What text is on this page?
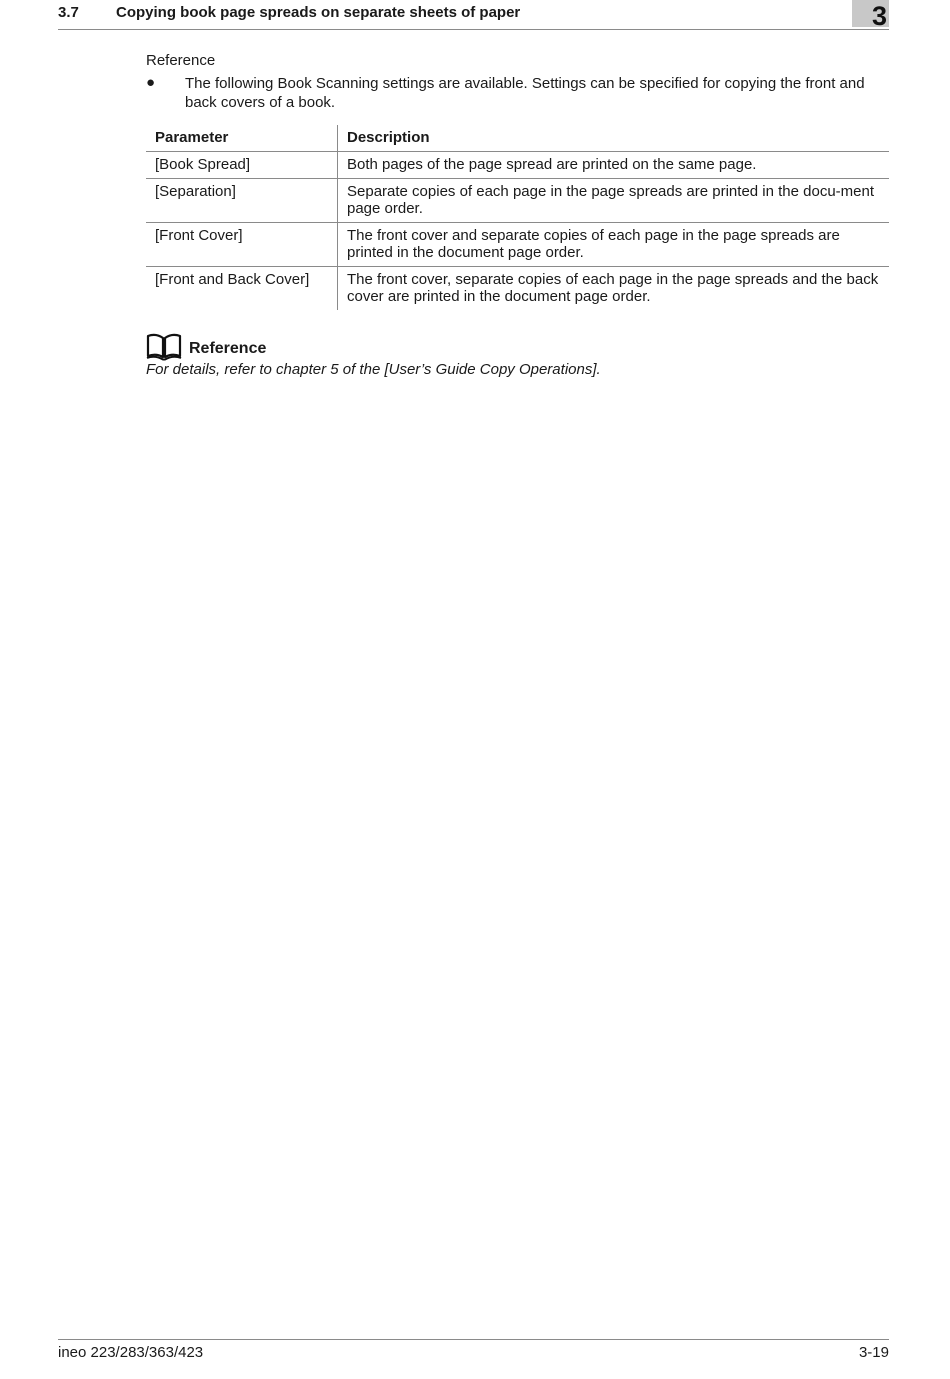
3.7 Copying book page spreads on separate sheets of paper	3
Reference
● The following Book Scanning settings are available. Settings can be specified for copying the front and back covers of a book.
Parameter	Description
[Book Spread]	Both pages of the page spread are printed on the same page.
[Separation]	Separate copies of each page in the page spreads are printed in the docu-ment page order.
[Front Cover]	The front cover and separate copies of each page in the page spreads are printed in the document page order.
[Front and Back Cover]	The front cover, separate copies of each page in the page spreads and the back cover are printed in the document page order.
Reference
For details, refer to chapter 5 of the [User’s Guide Copy Operations].
ineo 223/283/363/423	3-19
